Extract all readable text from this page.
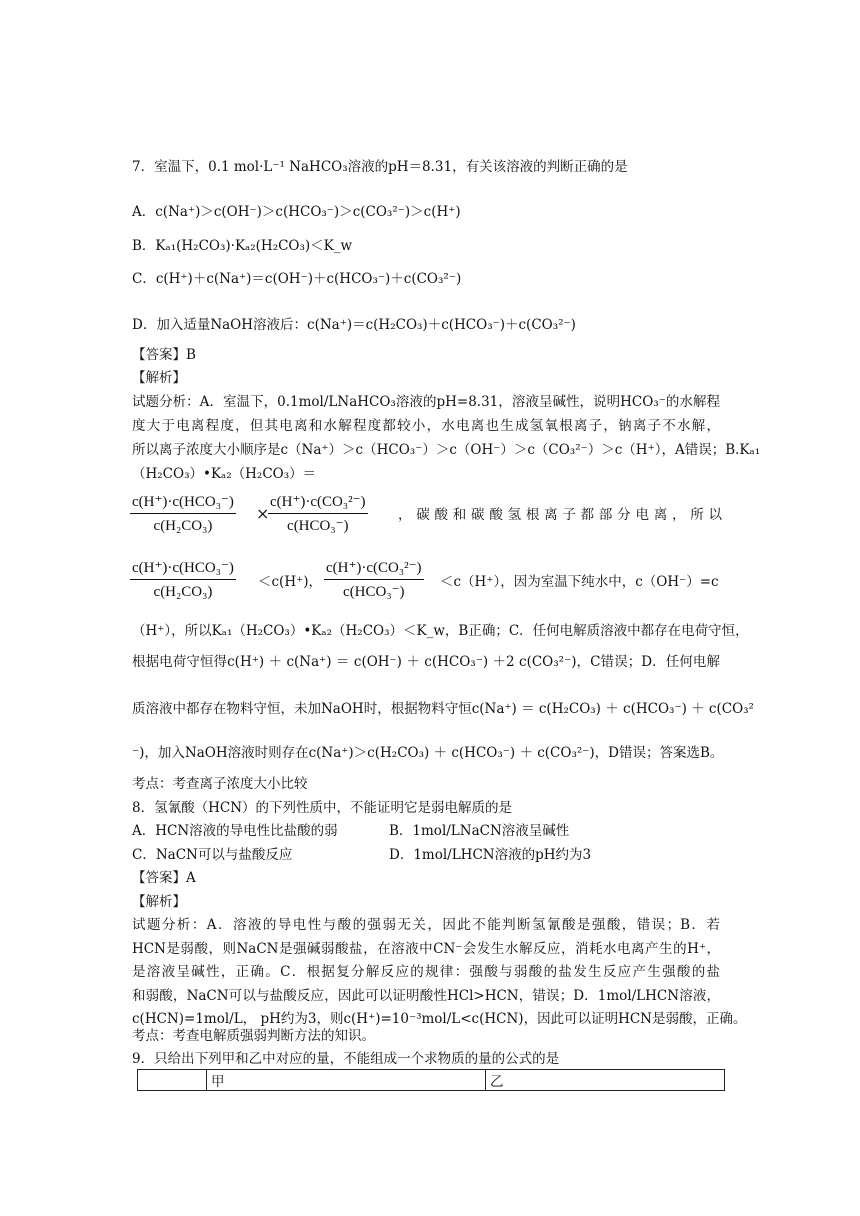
7．室温下，0.1 mol·L⁻¹ NaHCO₃溶液的pH＝8.31，有关该溶液的判断正确的是
A．c(Na⁺)＞c(OH⁻)＞c(HCO₃⁻)＞c(CO₃²⁻)＞c(H⁺)
B．Kₐ₁(H₂CO₃)·Kₐ₂(H₂CO₃)＜K_w
C．c(H⁺)＋c(Na⁺)＝c(OH⁻)＋c(HCO₃⁻)＋c(CO₃²⁻)
D．加入适量NaOH溶液后：c(Na⁺)＝c(H₂CO₃)＋c(HCO₃⁻)＋c(CO₃²⁻)
【答案】B
【解析】
试题分析：A．室温下，0.1mol/LNaHCO₃溶液的pH=8.31，溶液呈碱性，说明HCO₃⁻的水解程
度大于电离程度，但其电离和水解程度都较小，水电离也生成氢氧根离子，钠离子不水解，
所以离子浓度大小顺序是c（Na⁺）＞c（HCO₃⁻）＞c（OH⁻）＞c（CO₃²⁻）＞c（H⁺），A错误；B.Kₐ₁
（H₂CO₃）•Kₐ₂（H₂CO₃）＝
c(H⁺)·c(HCO₃⁻)
c(H₂CO₃)
×
c(H⁺)·c(CO₃²⁻)
c(HCO₃⁻)
，碳酸和碳酸氢根离子都部分电离，所以
c(H⁺)·c(HCO₃⁻)
c(H₂CO₃)
＜c(H⁺)，
c(H⁺)·c(CO₃²⁻)
c(HCO₃⁻)
＜c（H⁺），因为室温下纯水中，c（OH⁻）=c
（H⁺），所以Kₐ₁（H₂CO₃）•Kₐ₂（H₂CO₃）＜K_w，B正确；C．任何电解质溶液中都存在电荷守恒，
根据电荷守恒得c(H⁺) ＋ c(Na⁺) ＝ c(OH⁻) ＋ c(HCO₃⁻) ＋2 c(CO₃²⁻)，C错误；D．任何电解
质溶液中都存在物料守恒，未加NaOH时，根据物料守恒c(Na⁺) ＝ c(H₂CO₃) ＋ c(HCO₃⁻) ＋ c(CO₃²
⁻)，加入NaOH溶液时则存在c(Na⁺)＞c(H₂CO₃) ＋ c(HCO₃⁻) ＋ c(CO₃²⁻)，D错误；答案选B。
考点：考查离子浓度大小比较
8．氢氰酸（HCN）的下列性质中，不能证明它是弱电解质的是
A．HCN溶液的导电性比盐酸的弱	B．1mol/LNaCN溶液呈碱性
C．NaCN可以与盐酸反应	D．1mol/LHCN溶液的pH约为3
【答案】A
【解析】
试题分析：A．溶液的导电性与酸的强弱无关，因此不能判断氢氰酸是强酸，错误；B．若
HCN是弱酸，则NaCN是强碱弱酸盐，在溶液中CN⁻会发生水解反应，消耗水电离产生的H⁺，
是溶液呈碱性，正确。C．根据复分解反应的规律：强酸与弱酸的盐发生反应产生强酸的盐
和弱酸，NaCN可以与盐酸反应，因此可以证明酸性HCl>HCN，错误；D．1mol/LHCN溶液，
c(HCN)=1mol/L， pH约为3，则c(H⁺)=10⁻³mol/L<c(HCN)，因此可以证明HCN是弱酸，正确。
考点：考查电解质强弱判断方法的知识。
9．只给出下列甲和乙中对应的量，不能组成一个求物质的量的公式的是
	甲	乙
